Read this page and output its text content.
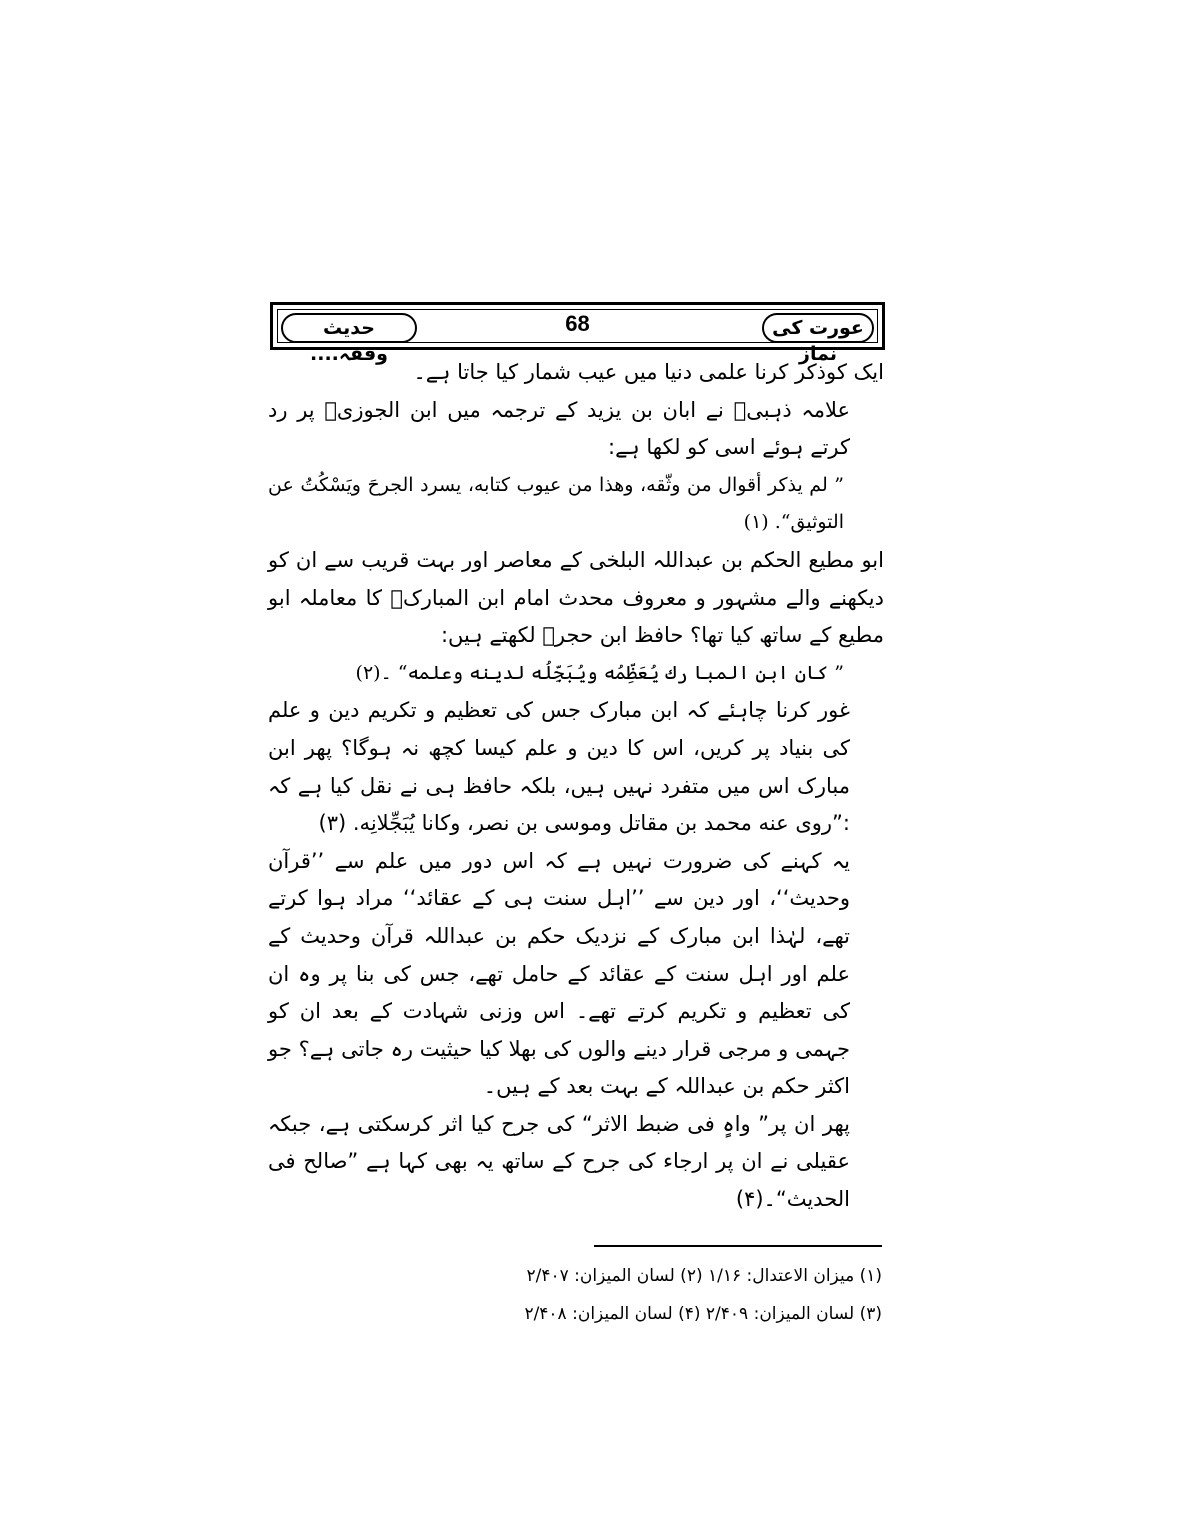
عورت کی نماز
68
حدیث وفقہ....

ایک کوذکر کرنا علمی دنیا میں عیب شمار کیا جاتا ہے۔

علامہ ذہبیؒ نے ابان بن یزید کے ترجمہ میں ابن الجوزیؒ پر رد کرتے ہوئے اسی کو لکھا ہے:

” لم يذكر أقوال من وثّقه، وهذا من عيوب كتابه، يسرد الجرحَ ويَسْكُتُ عن التوثيق“. (۱)

ابو مطیع الحکم بن عبداللہ البلخی کے معاصر اور بہت قریب سے ان کو دیکھنے والے مشہور و معروف محدث امام ابن المبارکؒ کا معاملہ ابو مطیع کے ساتھ کیا تھا؟ حافظ ابن حجرؒ لکھتے ہیں:

” كان ابن المبا رك يُعَظِّمُه ويُبَجِّلُه لدينه وعلمه“ ۔(۲)

غور کرنا چاہئے کہ ابن مبارک جس کی تعظیم و تکریم دین و علم کی بنیاد پر کریں، اس کا دین و علم کیسا کچھ نہ ہوگا؟ پھر ابن مبارک اس میں متفرد نہیں ہیں، بلکہ حافظ ہی نے نقل کیا ہے کہ :”روى عنه محمد بن مقاتل وموسى بن نصر، وكانا يُبَجِّلانِه. (۳)

یہ کہنے کی ضرورت نہیں ہے کہ اس دور میں علم سے ’’قرآن وحدیث‘‘، اور دین سے ’’اہل سنت ہی کے عقائد‘‘ مراد ہوا کرتے تھے، لہٰذا ابن مبارک کے نزدیک حکم بن عبداللہ قرآن وحدیث کے علم اور اہل سنت کے عقائد کے حامل تھے، جس کی بنا پر وہ ان کی تعظیم و تکریم کرتے تھے۔ اس وزنی شہادت کے بعد ان کو جہمی و مرجی قرار دینے والوں کی بھلا کیا حیثیت رہ جاتی ہے؟ جو اکثر حکم بن عبداللہ کے بہت بعد کے ہیں۔

پھر ان پر” واہٍ فی ضبط الاثر“ کی جرح کیا اثر کرسکتی ہے، جبکہ عقیلی نے ان پر ارجاء کی جرح کے ساتھ یہ بھی کہا ہے ”صالح فی الحدیث“۔(۴)

(۱) میزان الاعتدال: ۱/۱۶ (۲) لسان المیزان: ۲/۴۰۷

(۳) لسان المیزان: ۲/۴۰۹ (۴) لسان المیزان: ۲/۴۰۸
